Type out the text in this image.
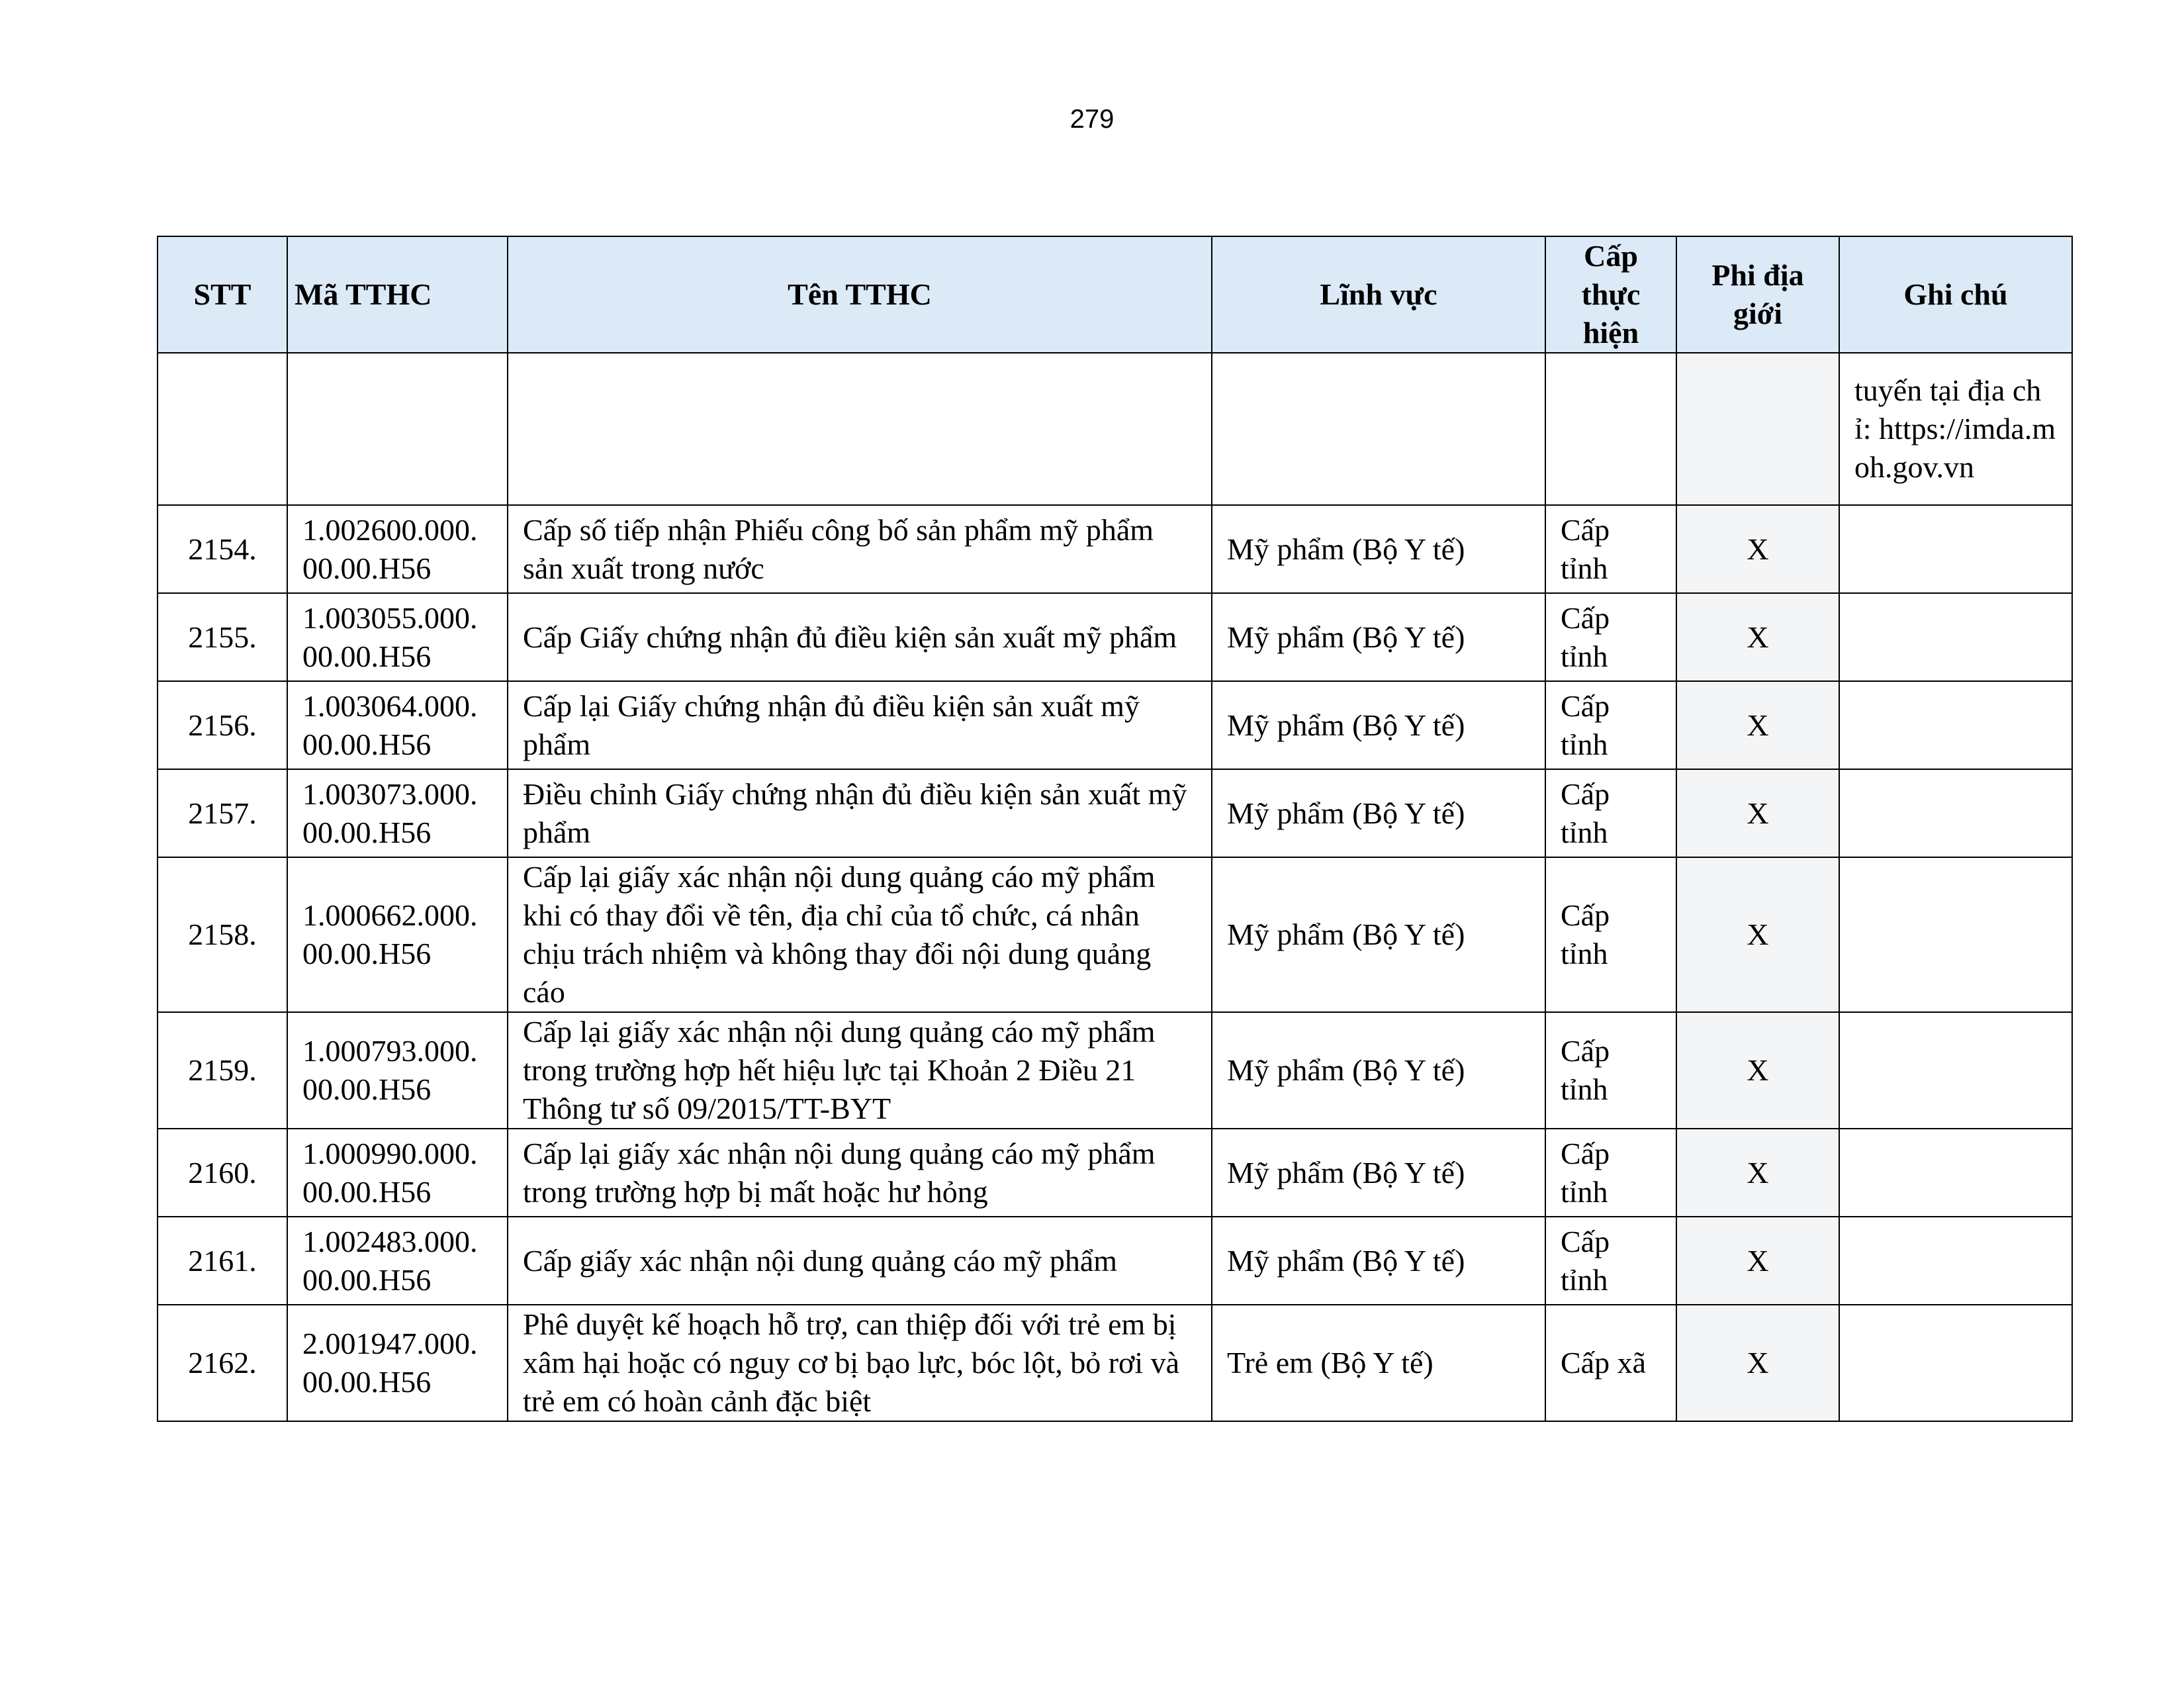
279
STT	Mã TTHC	Tên TTHC	Lĩnh vực	Cấp thực hiện	Phi địa giới	Ghi chú
						tuyến tại địa chỉ: https://imda.moh.gov.vn
2154.	1.002600.000.00.00.H56	Cấp số tiếp nhận Phiếu công bố sản phẩm mỹ phẩm sản xuất trong nước	Mỹ phẩm (Bộ Y tế)	Cấp tỉnh	X	
2155.	1.003055.000.00.00.H56	Cấp Giấy chứng nhận đủ điều kiện sản xuất mỹ phẩm	Mỹ phẩm (Bộ Y tế)	Cấp tỉnh	X	
2156.	1.003064.000.00.00.H56	Cấp lại Giấy chứng nhận đủ điều kiện sản xuất mỹ phẩm	Mỹ phẩm (Bộ Y tế)	Cấp tỉnh	X	
2157.	1.003073.000.00.00.H56	Điều chỉnh Giấy chứng nhận đủ điều kiện sản xuất mỹ phẩm	Mỹ phẩm (Bộ Y tế)	Cấp tỉnh	X	
2158.	1.000662.000.00.00.H56	Cấp lại giấy xác nhận nội dung quảng cáo mỹ phẩm khi có thay đổi về tên, địa chỉ của tổ chức, cá nhân chịu trách nhiệm và không thay đổi nội dung quảng cáo	Mỹ phẩm (Bộ Y tế)	Cấp tỉnh	X	
2159.	1.000793.000.00.00.H56	Cấp lại giấy xác nhận nội dung quảng cáo mỹ phẩm trong trường hợp hết hiệu lực tại Khoản 2 Điều 21 Thông tư số 09/2015/TT-BYT	Mỹ phẩm (Bộ Y tế)	Cấp tỉnh	X	
2160.	1.000990.000.00.00.H56	Cấp lại giấy xác nhận nội dung quảng cáo mỹ phẩm trong trường hợp bị mất hoặc hư hỏng	Mỹ phẩm (Bộ Y tế)	Cấp tỉnh	X	
2161.	1.002483.000.00.00.H56	Cấp giấy xác nhận nội dung quảng cáo mỹ phẩm	Mỹ phẩm (Bộ Y tế)	Cấp tỉnh	X	
2162.	2.001947.000.00.00.H56	Phê duyệt kế hoạch hỗ trợ, can thiệp đối với trẻ em bị xâm hại hoặc có nguy cơ bị bạo lực, bóc lột, bỏ rơi và trẻ em có hoàn cảnh đặc biệt	Trẻ em (Bộ Y tế)	Cấp xã	X	
